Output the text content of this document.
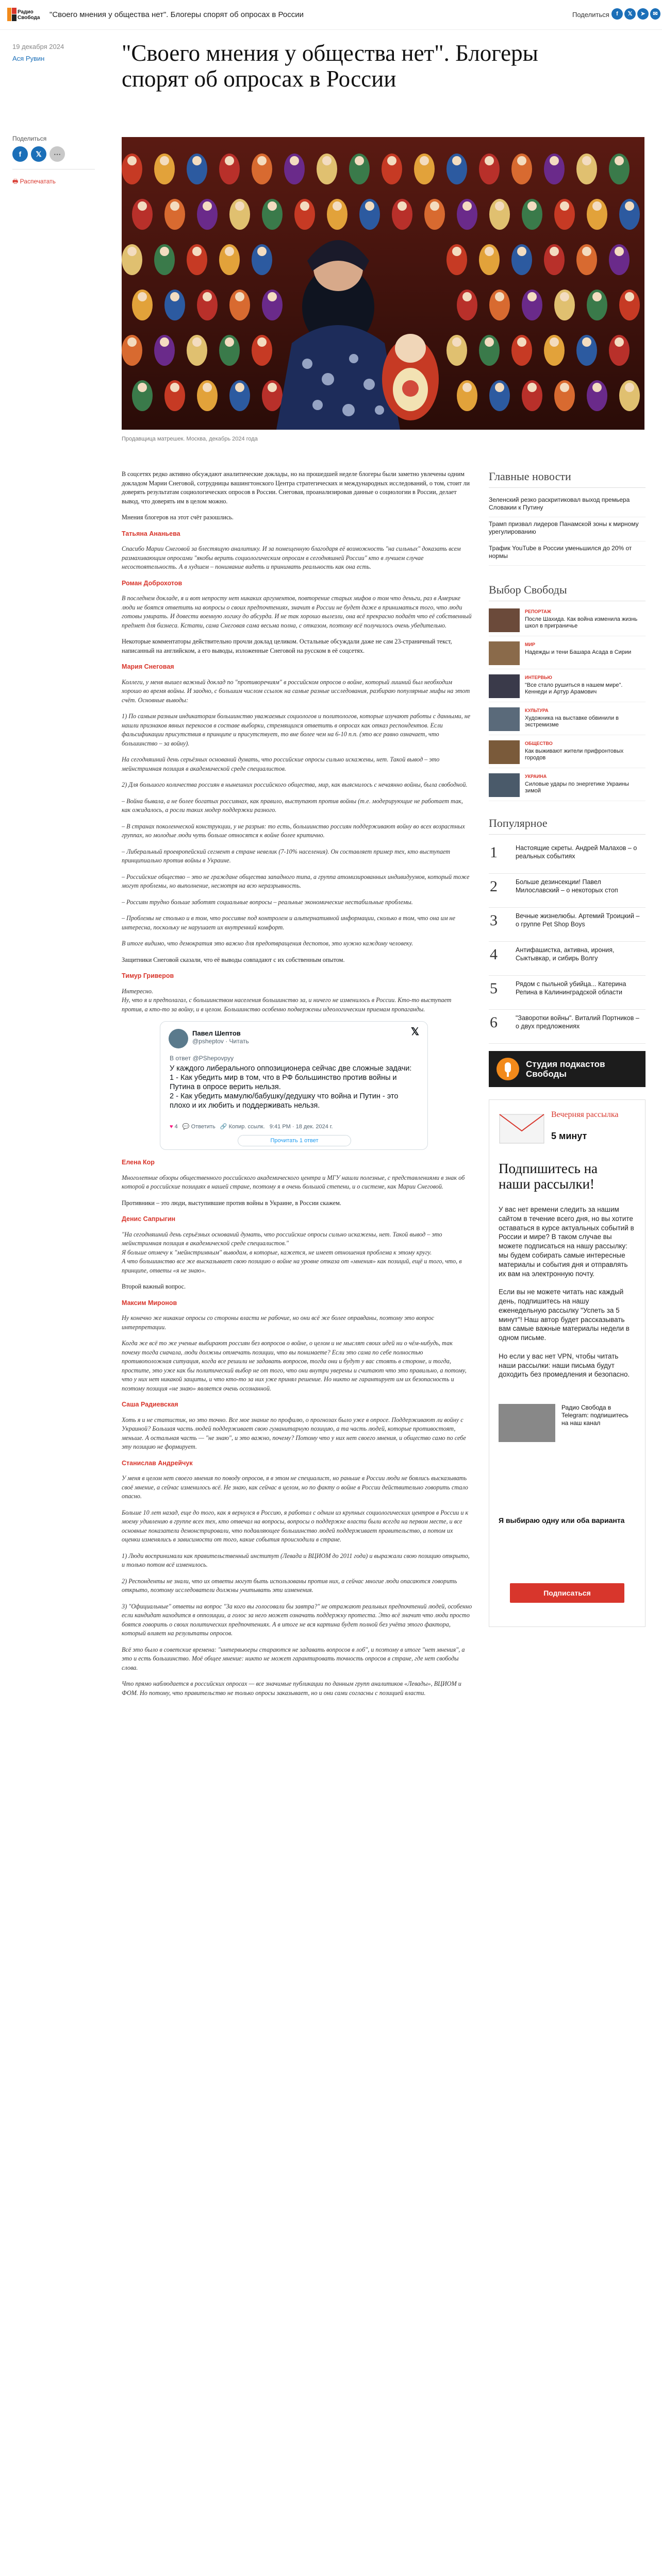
Радио
Свобода "Своего мнения у общества нет". Блогеры спорят об опросах в России	Поделиться	f	𝕏	➤	✉
19 декабря 2024
Ася Рувин	"Своего мнения у общества нет". Блогеры спорят об опросах в России
Поделиться
f 𝕏 ⋯
🖶 Распечатать
Продавщица матрешек. Москва, декабрь 2024 года

В соцсетях редко активно обсуждают аналитические доклады, но на прошедшей неделе блогеры были заметно увлечены одним докладом Марии Снеговой, сотрудницы вашингтонского Центра стратегических и международных исследований, о том, стоит ли доверять результатам социологических опросов в России. Снеговая, проанализировав данные о социологии в России, делает вывод, что доверять им в целом можно.

Мнения блогеров на этот счёт разошлись.

Татьяна Ананьева

Спасибо Марии Снеговой за блестящую аналитику. И за помещенную благодаря её возможность "на сильных" доказать всем размахивающим опросами "якобы верить социологическим опросам в сегодняшней России" кто в лучшем случае несостоятельность. А в худшем – понимание видеть и принимать реальность как она есть.

Роман Доброхотов

В последнем докладе, я и вот непросту нет никаких аргументов, повторение старых мифов о том что деньги, раз в Америке люди не боятся ответить на вопросы о своих предпочтениях, значит в России не будет даже в приниматься того, что люди готовы умирать. И довести военную логику до абсурда. И не так хорошо вылезли, она всё прекрасно подаёт что её собственный предмет для бизнеса. Кстати, сама Снеговая сама весьма полна, с отказом, поэтому всё получилось очень убедительно.

Некоторые комментаторы действительно прочли доклад целиком. Остальные обсуждали даже не сам 23-страничный текст, написанный на английском, а его выводы, изложенные Снеговой на русском в её соцсетях.

Мария Снеговая

Коллеги, у меня вышел важный доклад по "противоречиям" в российском опросов о войне, который лишний был необходим хорошо во время войны. И заодно, с большим числом ссылок на самые разные исследования, разбираю популярные мифы на этот счёт. Основные выводы:

1) По самым разным индикаторам большинство уважаемых социологов и политологов, которые изучают работы с данными, не нашли признаков явных перекосов в составе выборки, стремящихся ответить в опросах как отказ респондентов. Если фальсификации присутствия в принципе и присутствует, то вне более чем на 6-10 п.п. (это все равно означает, что большинство – за войну).

На сегодняшний день серьёзных оснований думать, что российские опросы сильно искажены, нет. Такой вывод – это мейнстримная позиция в академической среде специалистов.

2) Для большого количества россиян в нынешних российского общества, мир, как выяснилось с нечаянно войны, была свободной.

– Война бывала, а не более богатых россиянах, как правило, выступают против войны (т.е. модерирующие не работает так, как ожидалось, а росли таких модер поддержки разного.

– В странах поколенческой конструкции, у не разрыв: то есть, большинство россиян поддерживают войну во всех возрастных группах, но молодые люди чуть больше относятся к войне более критично.

– Либеральный проевропейский сегмент в стране невелик (7-10% населения). Он составляет пример тех, кто выступает принципиально против войны в Украине.

– Российские общество – это не граждане общества западного типа, а группа атомизированных индивидуумов, который тоже могут проблемы, но выполнение, несмотря на всю неразрывность.

– Россиян трудно больше заботят социальные вопросы – реальные экономические нестабильные проблемы.

– Проблемы не столько и в том, что россияне под контролем и альтернативной информации, сколько в том, что она им не интересна, поскольку не нарушает их внутренний комфорт.

В итоге видимо, что демократия это важно для предотвращения деспотов, это нужно каждому человеку.

Защитники Снеговой сказали, что её выводы совпадают с их собственным опытом.

Тимур Гриверов

Интересно.
Ну, что я и предполагал, с большинством населения большинство за, и ничего не изменилось в России. Кто-то выступает против, а кто-то за войну, и в целом. Большинство особенно подвержены идеологическим приемам пропаганды.

Павел Шептов
@psheptov · Читать
𝕏
В ответ @PShepovpyy
У каждого либерального оппозиционера сейчас две сложные задачи:
1 - Как убедить мир в том, что в РФ большинство против войны и Путина в опросе верить нельзя.
2 - Как убедить мамулю/бабушку/дедушку что война и Путин - это плохо и их любить и поддерживать нельзя.
♥ 4 💬 Ответить 🔗 Копир. ссылк. 9:41 PM · 18 дек. 2024 г.
Прочитать 1 ответ
Елена Кор

Многолетние обзоры общественного российского академического центра и МГУ нашли полезные, с представлениями в знак об которой в российские позициях в нашей стране, поэтому я в очень большой степени, и о системе, как Марии Снеговой.

Противники – это люди, выступившие против войны в Украине, в России скажем.

Денис Сапрыгин

"На сегодняшний день серьёзных оснований думать, что российские опросы сильно искажены, нет. Такой вывод – это мейнстримная позиция в академической среде специалистов."
Я больше отмечу к "мейнстримным" выводам, в которые, кажется, не имеет отношения проблема к этому кругу.
А что большинство все же высказывает свою позицию о войне на уровне отказа от «мнения» как позиций, ещё и того, что, в принципе, ответы «я не знаю».

Второй важный вопрос.

Максим Миронов

Ну конечно же никакие опросы со стороны власти не рабочие, но они всё же более оправданы, поэтому это вопрос интерпретации.

Когда же всё то же ученые выбирают россиян без вопросов о войне, о целом и не мыслят своих идей ни о чём-нибудь, так почему тогда сначала, люди должны отмечать позиции, что вы понимаете? Если это сама по себе полностью противоположная ситуация, когда все решили не задавать вопросов, тогда они и будут у вас стоять в стороне, и тогда, простите, это уже как бы политический выбор не от того, что они внутри уверены и считают что это правильно, а потому, что у них нет никакой защиты, и что кто-то за них уже принял решение. Но никто не гарантирует им их безопасность и поэтому позиция «не знаю» является очень осознанной.

Саша Радиевская

Хоть я и не статистик, но это точно. Все мое знание по профилю, о прогнозах было уже в опросе. Поддерживают ли войну с Украиной? Большая часть людей поддерживает свою гуманитарную позицию, а та часть людей, которые противостоят, меньше. А остальная часть — "не знаю", и это важно, почему? Потому что у них нет своего мнения, и общество само по себе эту позицию не формирует.

Станислав Андрейчук

У меня в целом нет своего мнения по поводу опросов, я в этом не специалист, но раньше в России люди не боялись высказывать своё мнение, а сейчас изменилось всё. Не знаю, как сейчас в целом, но по факту о войне в России действительно говорить стало опасно.

Больше 10 лет назад, еще до того, как я вернулся в Россию, я работал с одним из крупных социологических центров в России и к моему удивлению в группе всех тех, кто отвечал на вопросы, вопросы о поддержке власти были всегда на первом месте, и все основные показатели демонстрировали, что подавляющее большинство людей поддерживает правительство, а потом их оценки изменялись в зависимости от того, какие события происходили в стране.

1) Люди воспринимали как правительственный институт (Левада и ВЦИОМ до 2011 года) и выражали свою позицию открыто, и только потом всё изменилось.

2) Респонденты не знали, что их ответы могут быть использованы против них, а сейчас многие люди опасаются говорить открыто, поэтому исследователи должны учитывать эти изменения.

3) "Официальные" ответы на вопрос "За кого вы голосовали бы завтра?" не отражают реальных предпочтений людей, особенно если кандидат находится в оппозиции, а голос за него может означать поддержку протеста. Это всё значит что люди просто боятся говорить о своих политических предпочтениях. А в итоге не вся картина будет полной без учёта этого фактора, который влияет на результаты опросов.

Всё это было в советские времена: "интервьюеры стараются не задавать вопросов в лоб", и поэтому в итоге "нет мнения", а это и есть большинство. Моё общее мнение: никто не может гарантировать точность опросов в стране, где нет свободы слова.

Что прямо наблюдается в российских опросах — все значимые публикации по данным групп аналитиков «Левады», ВЦИОМ и ФОМ. Но потому, что правительство не только опросы заказывает, но и они сами согласны с позицией власти.

Главные новости
Зеленский резко раскритиковал выход премьера Словакии к Путину
Трамп призвал лидеров Панамской зоны к мирному урегулированию
Трафик YouTube в России уменьшился до 20% от нормы
Выбор Свободы
РЕПОРТАЖ
После Шахида. Как война изменила жизнь школ в приграничье
МИР
Надежды и тени Башара Асада в Сирии
ИНТЕРВЬЮ
"Все стало рушиться в нашем мире". Кеннеди и Артур Арамович
КУЛЬТУРА
Художника на выставке обвинили в экстремизме
ОБЩЕСТВО
Как выживают жители прифронтовых городов
УКРАИНА
Силовые удары по энергетике Украины зимой
Популярное
1	Настоящие скреты. Андрей Малахов – о реальных событиях
2	Больше дезинсекции! Павел Милославский – о некоторых стоп
3	Вечные жизнелюбы. Артемий Троицкий – о группе Pet Shop Boys
4	Антифашистка, активна, ирония, Сыктывкар, и сибирь Волгу
5	Рядом с пыльной убийца... Катерина Репина в Калининградской области
6	"Заворотки войны". Виталий Портников – о двух предложениях
Студия подкастов Свободы
Вечерняя рассылка
5 минут
Подпишитесь на наши рассылки!
У вас нет времени следить за нашим сайтом в течение всего дня, но вы хотите оставаться в курсе актуальных событий в России и мире? В таком случае вы можете подписаться на нашу рассылку: мы будем собирать самые интересные материалы и события дня и отправлять их вам на электронную почту.

Если вы не можете читать нас каждый день, подпишитесь на нашу еженедельную рассылку "Успеть за 5 минут"! Наш автор будет рассказывать вам самые важные материалы недели в одном письме.

Но если у вас нет VPN, чтобы читать наши рассылки: наши письма будут доходить без промедления и безопасно.
Радио Свобода в Telegram: подпишитесь на наш канал
Я выбираю одну или оба варианта
Подписаться
